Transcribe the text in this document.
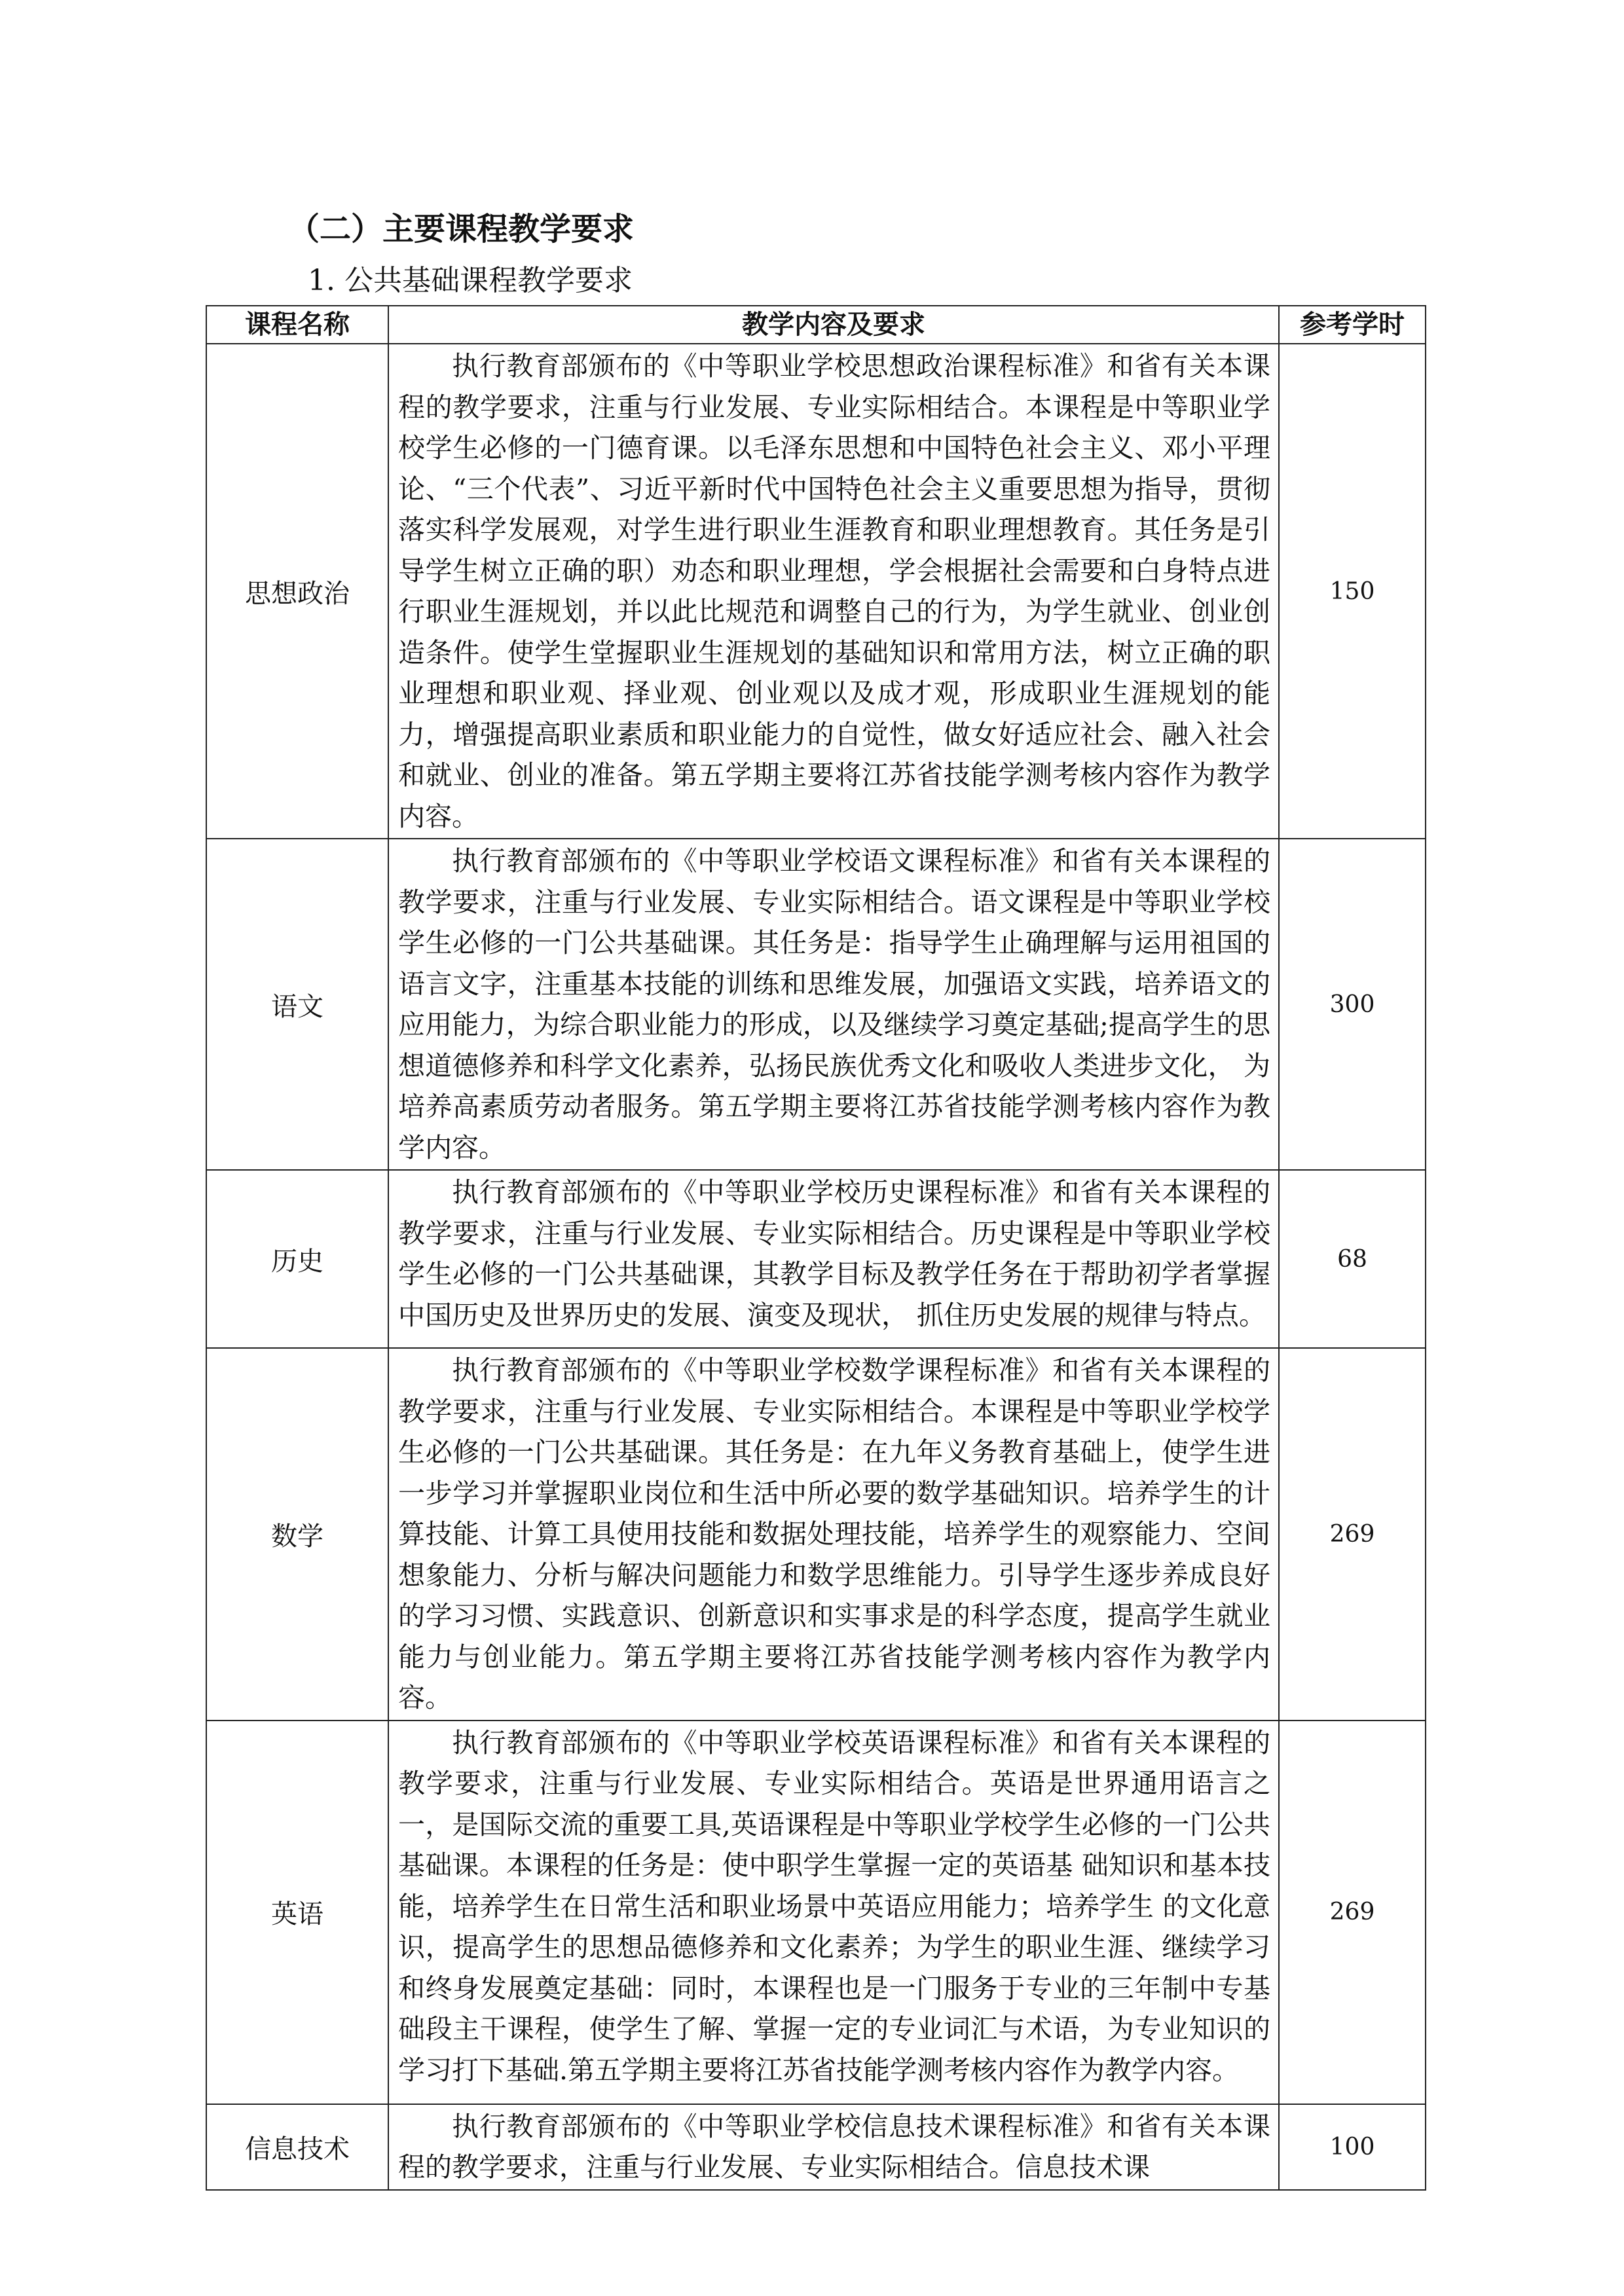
（二）主要课程教学要求
1. 公共基础课程教学要求
课程名称	教学内容及要求	参考学时
思想政治	执行教育部颁布的《中等职业学校思想政治课程标准》和省有关本课程的教学要求，注重与行业发展、专业实际相结合。本课程是中等职业学校学生必修的一门德育课。以毛泽东思想和中国特色社会主义、邓小平理论、“三个代表”、习近平新时代中国特色社会主义重要思想为指导，贯彻落实科学发展观，对学生进行职业生涯教育和职业理想教育。其任务是引导学生树立正确的职）劝态和职业理想，学会根据社会需要和白身特点进行职业生涯规划，并以此比规范和调整自己的行为，为学生就业、创业创造条件。使学生堂握职业生涯规划的基础知识和常用方法，树立正确的职业理想和职业观、择业观、创业观以及成才观，形成职业生涯规划的能力，增强提高职业素质和职业能力的自觉性，做女好适应社会、融入社会和就业、创业的准备。第五学期主要将江苏省技能学测考核内容作为教学内容。	150
语文	执行教育部颁布的《中等职业学校语文课程标准》和省有关本课程的教学要求，注重与行业发展、专业实际相结合。语文课程是中等职业学校学生必修的一门公共基础课。其任务是：指导学生止确理解与运用祖国的语言文字，注重基本技能的训练和思维发展，加强语文实践，培养语文的应用能力，为综合职业能力的形成，以及继续学习奠定基础;提高学生的思想道德修养和科学文化素养，弘扬民族优秀文化和吸收人类进步文化， 为培养高素质劳动者服务。第五学期主要将江苏省技能学测考核内容作为教学内容。	300
历史	执行教育部颁布的《中等职业学校历史课程标准》和省有关本课程的教学要求，注重与行业发展、专业实际相结合。历史课程是中等职业学校学生必修的一门公共基础课，其教学目标及教学任务在于帮助初学者掌握中国历史及世界历史的发展、演变及现状， 抓住历史发展的规律与特点。	68
数学	执行教育部颁布的《中等职业学校数学课程标准》和省有关本课程的教学要求，注重与行业发展、专业实际相结合。本课程是中等职业学校学生必修的一门公共基础课。其任务是：在九年义务教育基础上，使学生进一步学习并掌握职业岗位和生活中所必要的数学基础知识。培养学生的计算技能、计算工具使用技能和数据处理技能，培养学生的观察能力、空间想象能力、分析与解决问题能力和数学思维能力。引导学生逐步养成良好的学习习惯、实践意识、创新意识和实事求是的科学态度，提高学生就业能力与创业能力。第五学期主要将江苏省技能学测考核内容作为教学内容。	269
英语	执行教育部颁布的《中等职业学校英语课程标准》和省有关本课程的教学要求，注重与行业发展、专业实际相结合。英语是世界通用语言之一，是国际交流的重要工具,英语课程是中等职业学校学生必修的一门公共基础课。本课程的任务是：使中职学生掌握一定的英语基 础知识和基本技能，培养学生在日常生活和职业场景中英语应用能力；培养学生 的文化意识，提高学生的思想品德修养和文化素养；为学生的职业生涯、继续学习和终身发展奠定基础：同时，本课程也是一门服务于专业的三年制中专基础段主干课程，使学生了解、掌握一定的专业词汇与术语，为专业知识的学习打下基础.第五学期主要将江苏省技能学测考核内容作为教学内容。	269
信息技术	执行教育部颁布的《中等职业学校信息技术课程标准》和省有关本课程的教学要求，注重与行业发展、专业实际相结合。信息技术课	100
